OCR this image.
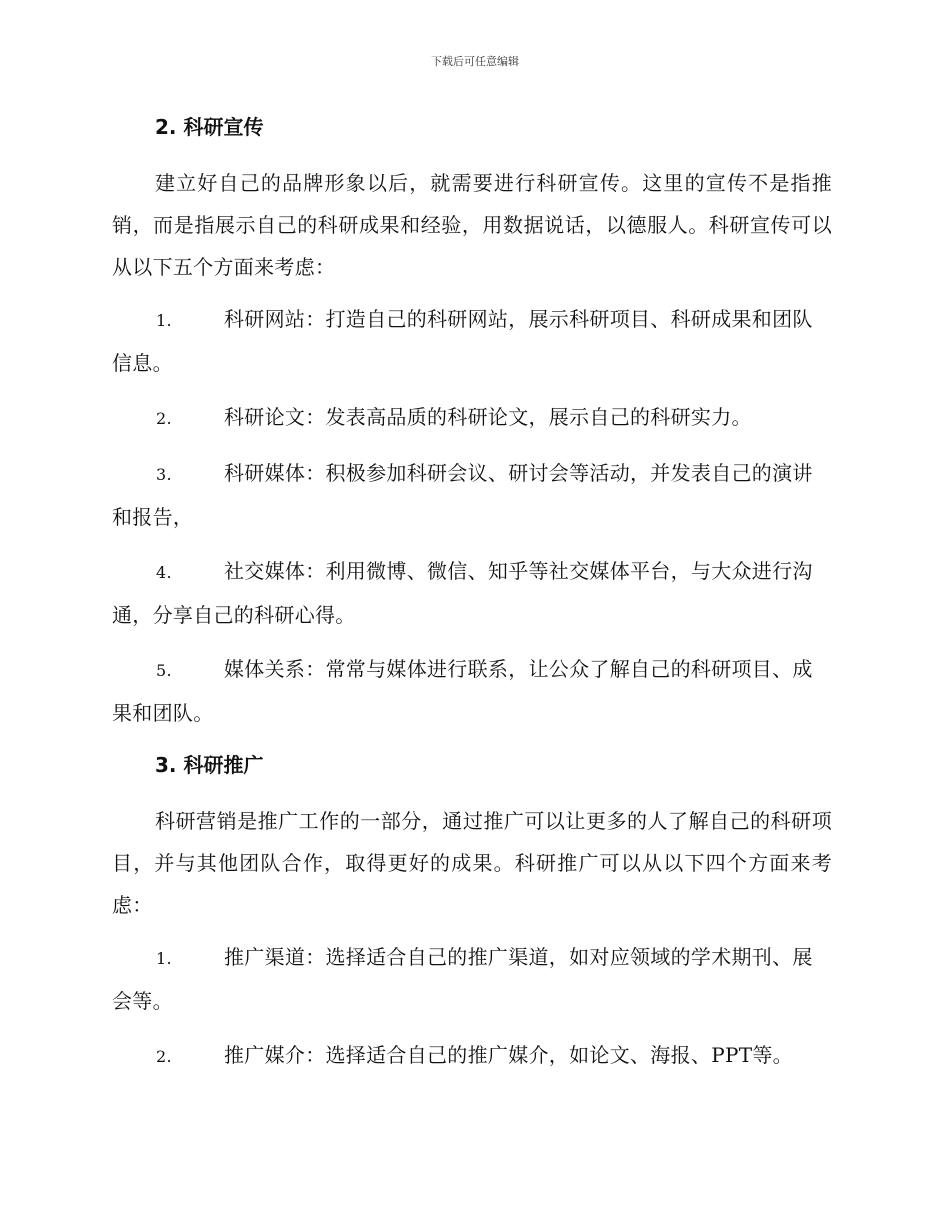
下载后可任意编辑
2. 科研宣传
建立好自己的品牌形象以后，就需要进行科研宣传。这里的宣传不是指推销，而是指展示自己的科研成果和经验，用数据说话，以德服人。科研宣传可以从以下五个方面来考虑：
1.	科研网站：打造自己的科研网站，展示科研项目、科研成果和团队信息。
2.	科研论文：发表高品质的科研论文，展示自己的科研实力。
3.	科研媒体：积极参加科研会议、研讨会等活动，并发表自己的演讲和报告，
4.	社交媒体：利用微博、微信、知乎等社交媒体平台，与大众进行沟通，分享自己的科研心得。
5.	媒体关系：常常与媒体进行联系，让公众了解自己的科研项目、成果和团队。
3. 科研推广
科研营销是推广工作的一部分，通过推广可以让更多的人了解自己的科研项目，并与其他团队合作，取得更好的成果。科研推广可以从以下四个方面来考虑：
1.	推广渠道：选择适合自己的推广渠道，如对应领域的学术期刊、展会等。
2.	推广媒介：选择适合自己的推广媒介，如论文、海报、PPT等。
